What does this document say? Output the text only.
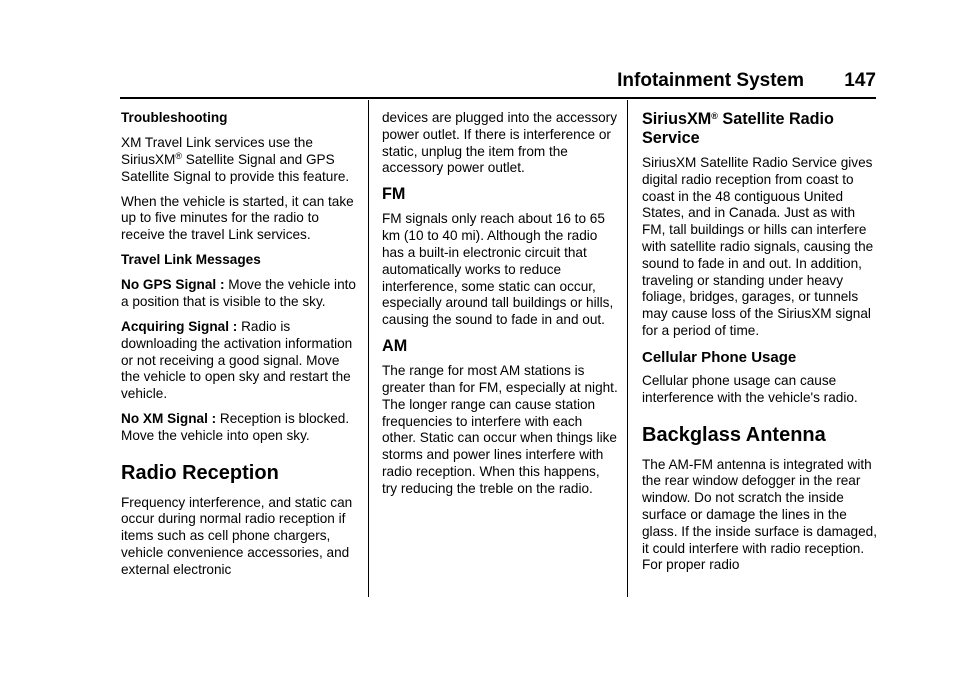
Infotainment System 147

Troubleshooting

XM Travel Link services use the SiriusXM® Satellite Signal and GPS Satellite Signal to provide this feature.

When the vehicle is started, it can take up to five minutes for the radio to receive the travel Link services.

Travel Link Messages

No GPS Signal : Move the vehicle into a position that is visible to the sky.

Acquiring Signal : Radio is downloading the activation information or not receiving a good signal. Move the vehicle to open sky and restart the vehicle.

No XM Signal : Reception is blocked. Move the vehicle into open sky.

Radio Reception

Frequency interference, and static can occur during normal radio reception if items such as cell phone chargers, vehicle convenience accessories, and external electronic

devices are plugged into the accessory power outlet. If there is interference or static, unplug the item from the accessory power outlet.

FM

FM signals only reach about 16 to 65 km (10 to 40 mi). Although the radio has a built-in electronic circuit that automatically works to reduce interference, some static can occur, especially around tall buildings or hills, causing the sound to fade in and out.

AM

The range for most AM stations is greater than for FM, especially at night. The longer range can cause station frequencies to interfere with each other. Static can occur when things like storms and power lines interfere with radio reception. When this happens, try reducing the treble on the radio.

SiriusXM® Satellite Radio Service

SiriusXM Satellite Radio Service gives digital radio reception from coast to coast in the 48 contiguous United States, and in Canada. Just as with FM, tall buildings or hills can interfere with satellite radio signals, causing the sound to fade in and out. In addition, traveling or standing under heavy foliage, bridges, garages, or tunnels may cause loss of the SiriusXM signal for a period of time.

Cellular Phone Usage

Cellular phone usage can cause interference with the vehicle's radio.

Backglass Antenna

The AM-FM antenna is integrated with the rear window defogger in the rear window. Do not scratch the inside surface or damage the lines in the glass. If the inside surface is damaged, it could interfere with radio reception. For proper radio
